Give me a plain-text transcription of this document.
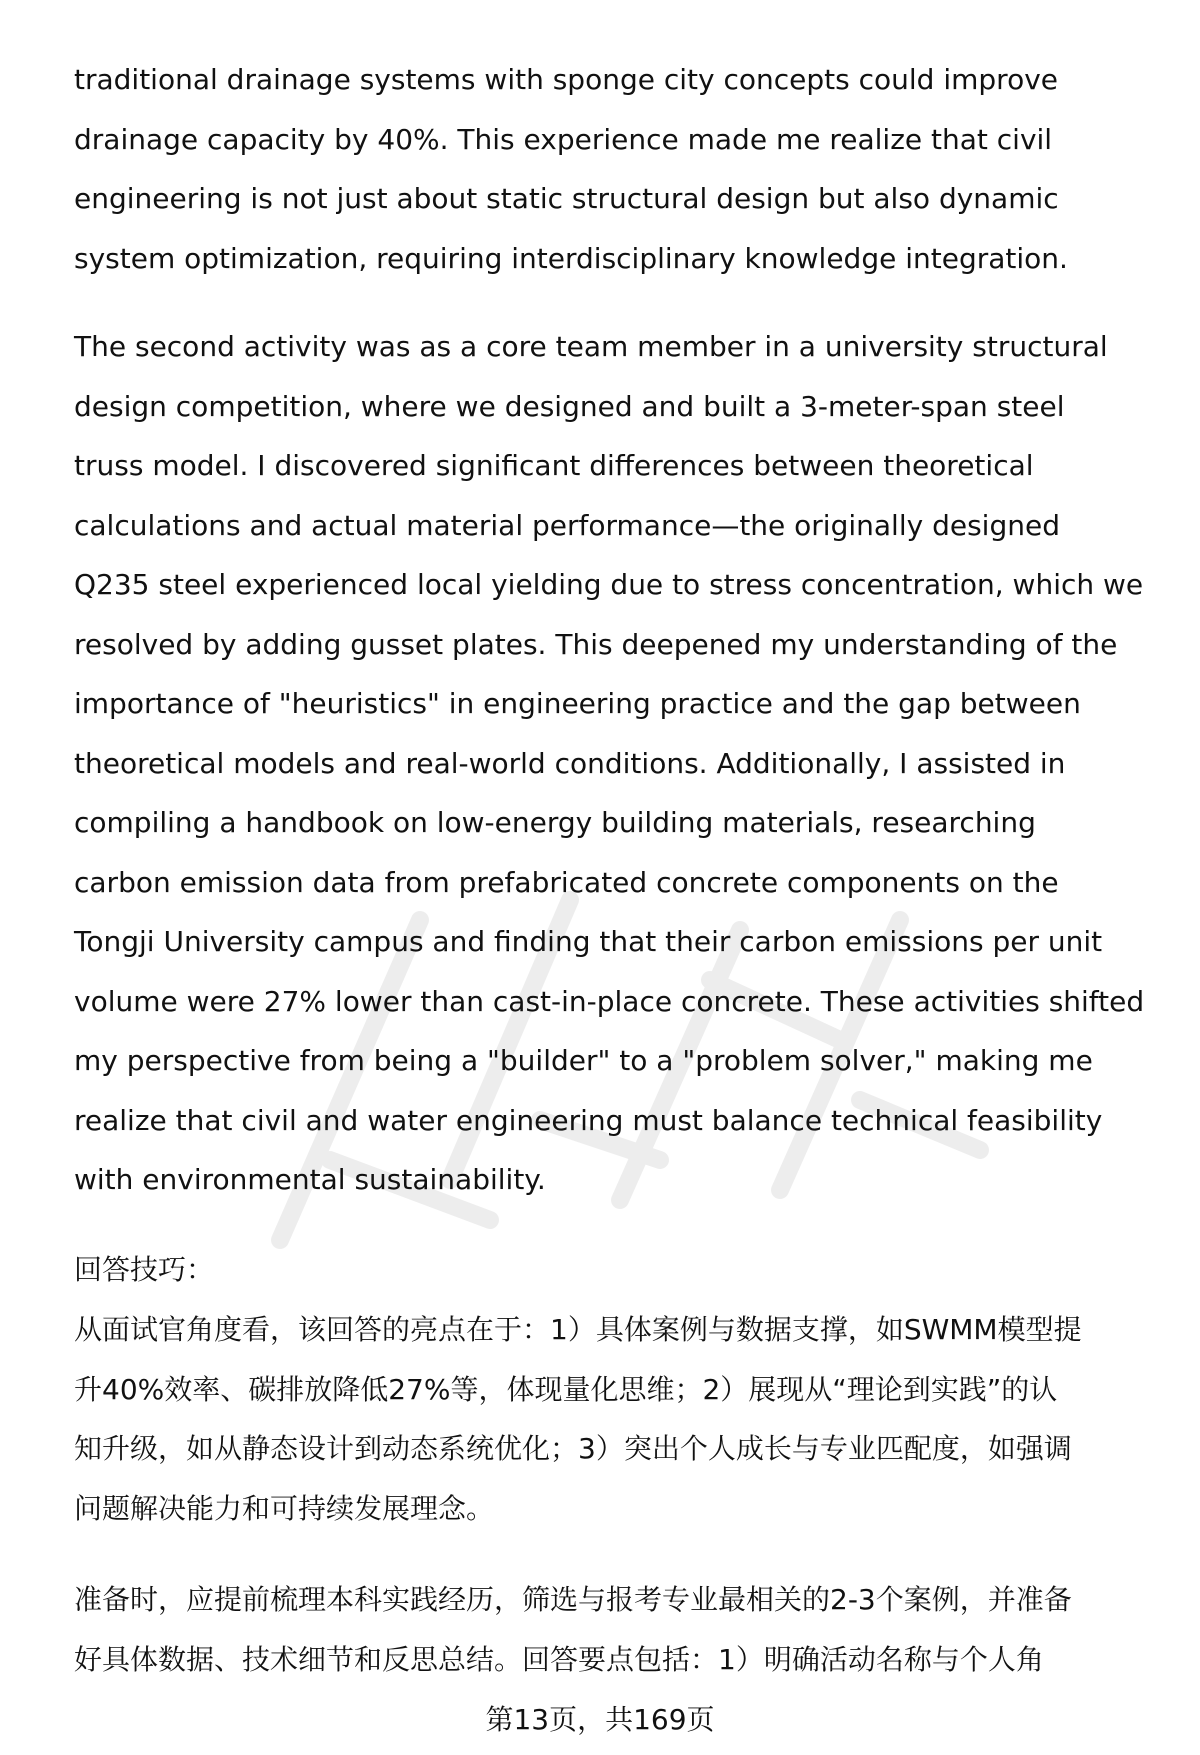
traditional drainage systems with sponge city concepts could improve

drainage capacity by 40%. This experience made me realize that civil

engineering is not just about static structural design but also dynamic

system optimization, requiring interdisciplinary knowledge integration.

The second activity was as a core team member in a university structural

design competition, where we designed and built a 3-meter-span steel

truss model. I discovered significant differences between theoretical

calculations and actual material performance—the originally designed

Q235 steel experienced local yielding due to stress concentration, which we

resolved by adding gusset plates. This deepened my understanding of the

importance of "heuristics" in engineering practice and the gap between

theoretical models and real-world conditions. Additionally, I assisted in

compiling a handbook on low-energy building materials, researching

carbon emission data from prefabricated concrete components on the

Tongji University campus and finding that their carbon emissions per unit

volume were 27% lower than cast-in-place concrete. These activities shifted

my perspective from being a "builder" to a "problem solver," making me

realize that civil and water engineering must balance technical feasibility

with environmental sustainability.

回答技巧：

从面试官角度看，该回答的亮点在于：1）具体案例与数据支撑，如SWMM模型提

升40%效率、碳排放降低27%等，体现量化思维；2）展现从“理论到实践”的认

知升级，如从静态设计到动态系统优化；3）突出个人成长与专业匹配度，如强调

问题解决能力和可持续发展理念。

准备时，应提前梳理本科实践经历，筛选与报考专业最相关的2-3个案例，并准备

好具体数据、技术细节和反思总结。回答要点包括：1）明确活动名称与个人角

第13页，共169页
